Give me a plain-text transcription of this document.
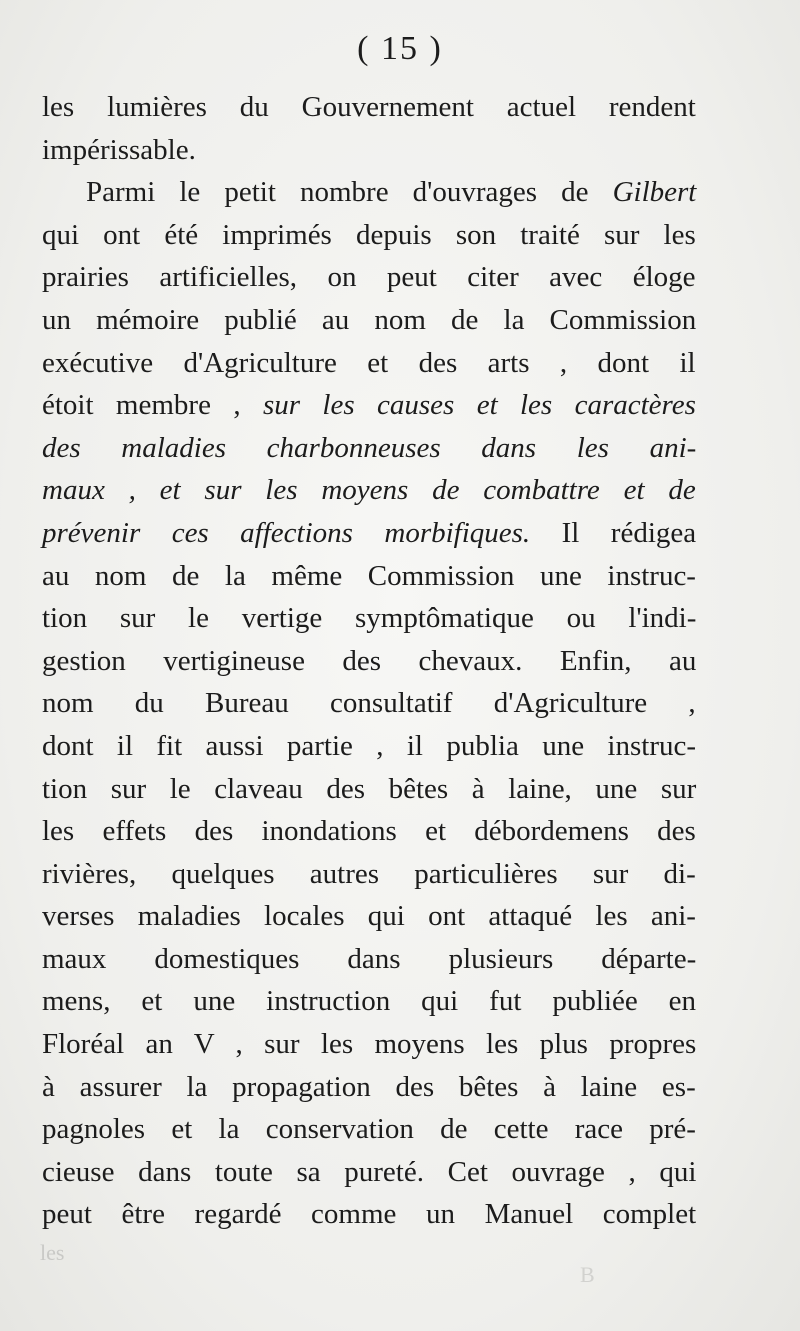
( 15 )
les lumières du Gouvernement actuel rendent
impérissable.
Parmi le petit nombre d'ouvrages de Gilbert
qui ont été imprimés depuis son traité sur les
prairies artificielles, on peut citer avec éloge
un mémoire publié au nom de la Commission
exécutive d'Agriculture et des arts , dont il
étoit membre , sur les causes et les caractères
des maladies charbonneuses dans les ani-
maux , et sur les moyens de combattre et de
prévenir ces affections morbifiques. Il rédigea
au nom de la même Commission une instruc-
tion sur le vertige symptômatique ou l'indi-
gestion vertigineuse des chevaux. Enfin, au
nom du Bureau consultatif d'Agriculture ,
dont il fit aussi partie , il publia une instruc-
tion sur le claveau des bêtes à laine, une sur
les effets des inondations et débordemens des
rivières, quelques autres particulières sur di-
verses maladies locales qui ont attaqué les ani-
maux domestiques dans plusieurs départe-
mens, et une instruction qui fut publiée en
Floréal an V , sur les moyens les plus propres
à assurer la propagation des bêtes à laine es-
pagnoles et la conservation de cette race pré-
cieuse dans toute sa pureté. Cet ouvrage , qui
peut être regardé comme un Manuel complet
les
B
